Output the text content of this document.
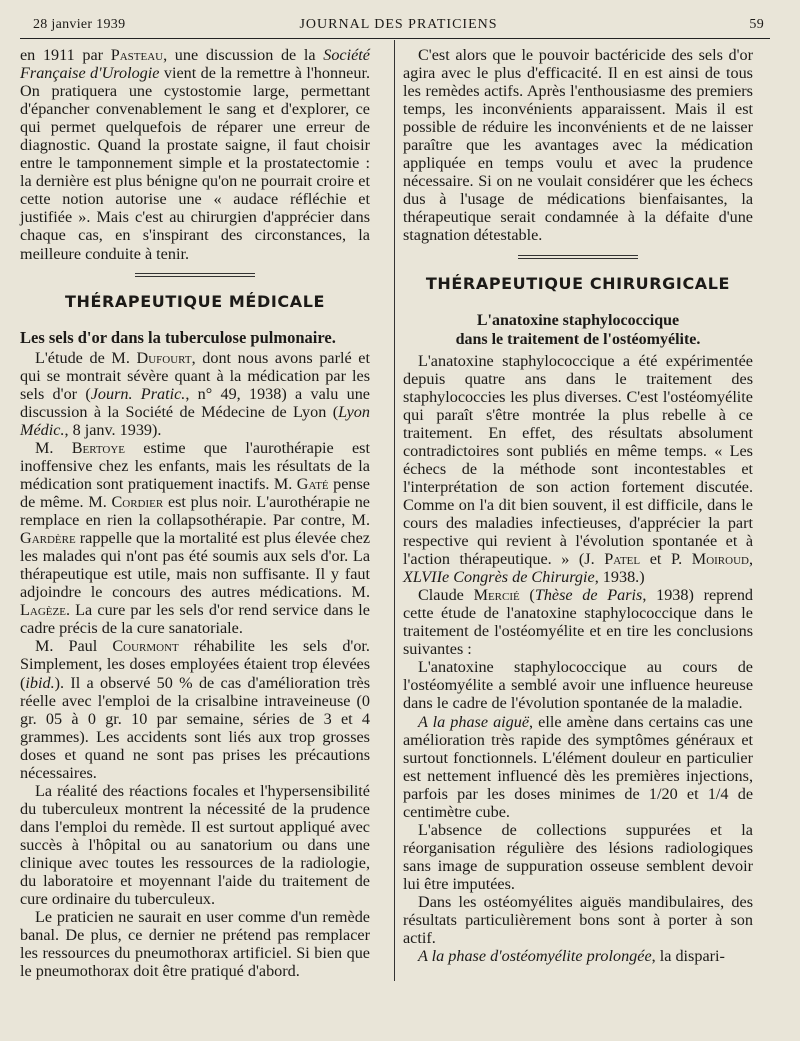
28 janvier 1939	JOURNAL DES PRATICIENS	59

en 1911 par Pasteau, une discussion de la Société Française d'Urologie vient de la remettre à l'honneur. On pratiquera une cystostomie large, permettant d'épancher convenablement le sang et d'explorer, ce qui permet quelquefois de réparer une erreur de diagnostic. Quand la prostate saigne, il faut choisir entre le tamponnement simple et la prostatectomie : la dernière est plus bénigne qu'on ne pourrait croire et cette notion autorise une « audace réfléchie et justifiée ». Mais c'est au chirurgien d'apprécier dans chaque cas, en s'inspirant des circonstances, la meilleure conduite à tenir.

THÉRAPEUTIQUE MÉDICALE
Les sels d'or dans la tuberculose pulmonaire.

L'étude de M. Dufourt, dont nous avons parlé et qui se montrait sévère quant à la médication par les sels d'or (Journ. Pratic., n° 49, 1938) a valu une discussion à la Société de Médecine de Lyon (Lyon Médic., 8 janv. 1939).

M. Bertoye estime que l'aurothérapie est inoffensive chez les enfants, mais les résultats de la médication sont pratiquement inactifs. M. Gaté pense de même. M. Cordier est plus noir. L'aurothérapie ne remplace en rien la collapsothérapie. Par contre, M. Gardère rappelle que la mortalité est plus élevée chez les malades qui n'ont pas été soumis aux sels d'or. La thérapeutique est utile, mais non suffisante. Il y faut adjoindre le concours des autres médications. M. Lagèze. La cure par les sels d'or rend service dans le cadre précis de la cure sanatoriale.

M. Paul Courmont réhabilite les sels d'or. Simplement, les doses employées étaient trop élevées (ibid.). Il a observé 50 % de cas d'amélioration très réelle avec l'emploi de la crisalbine intraveineuse (0 gr. 05 à 0 gr. 10 par semaine, séries de 3 et 4 grammes). Les accidents sont liés aux trop grosses doses et quand ne sont pas prises les précautions nécessaires.

La réalité des réactions focales et l'hypersensibilité du tuberculeux montrent la nécessité de la prudence dans l'emploi du remède. Il est surtout appliqué avec succès à l'hôpital ou au sanatorium ou dans une clinique avec toutes les ressources de la radiologie, du laboratoire et moyennant l'aide du traitement de cure ordinaire du tuberculeux.

Le praticien ne saurait en user comme d'un remède banal. De plus, ce dernier ne prétend pas remplacer les ressources du pneumothorax artificiel. Si bien que le pneumothorax doit être pratiqué d'abord.

C'est alors que le pouvoir bactéricide des sels d'or agira avec le plus d'efficacité. Il en est ainsi de tous les remèdes actifs. Après l'enthousiasme des premiers temps, les inconvénients apparaissent. Mais il est possible de réduire les inconvénients et de ne laisser paraître que les avantages avec la médication appliquée en temps voulu et avec la prudence nécessaire. Si on ne voulait considérer que les échecs dus à l'usage de médications bienfaisantes, la thérapeutique serait condamnée à la défaite d'une stagnation détestable.

THÉRAPEUTIQUE CHIRURGICALE
L'anatoxine staphylococcique
dans le traitement de l'ostéomyélite.

L'anatoxine staphylococcique a été expérimentée depuis quatre ans dans le traitement des staphylococcies les plus diverses. C'est l'ostéomyélite qui paraît s'être montrée la plus rebelle à ce traitement. En effet, des résultats absolument contradictoires sont publiés en même temps. « Les échecs de la méthode sont incontestables et l'interprétation de son action fortement discutée. Comme on l'a dit bien souvent, il est difficile, dans le cours des maladies infectieuses, d'apprécier la part respective qui revient à l'évolution spontanée et à l'action thérapeutique. » (J. Patel et P. Moiroud, XLVIIe Congrès de Chirurgie, 1938.)

Claude Mercié (Thèse de Paris, 1938) reprend cette étude de l'anatoxine staphylococcique dans le traitement de l'ostéomyélite et en tire les conclusions suivantes :

L'anatoxine staphylococcique au cours de l'ostéomyélite a semblé avoir une influence heureuse dans le cadre de l'évolution spontanée de la maladie.

A la phase aiguë, elle amène dans certains cas une amélioration très rapide des symptômes généraux et surtout fonctionnels. L'élément douleur en particulier est nettement influencé dès les premières injections, parfois par les doses minimes de 1/20 et 1/4 de centimètre cube.

L'absence de collections suppurées et la réorganisation régulière des lésions radiologiques sans image de suppuration osseuse semblent devoir lui être imputées.

Dans les ostéomyélites aiguës mandibulaires, des résultats particulièrement bons sont à porter à son actif.

A la phase d'ostéomyélite prolongée, la dispari-
